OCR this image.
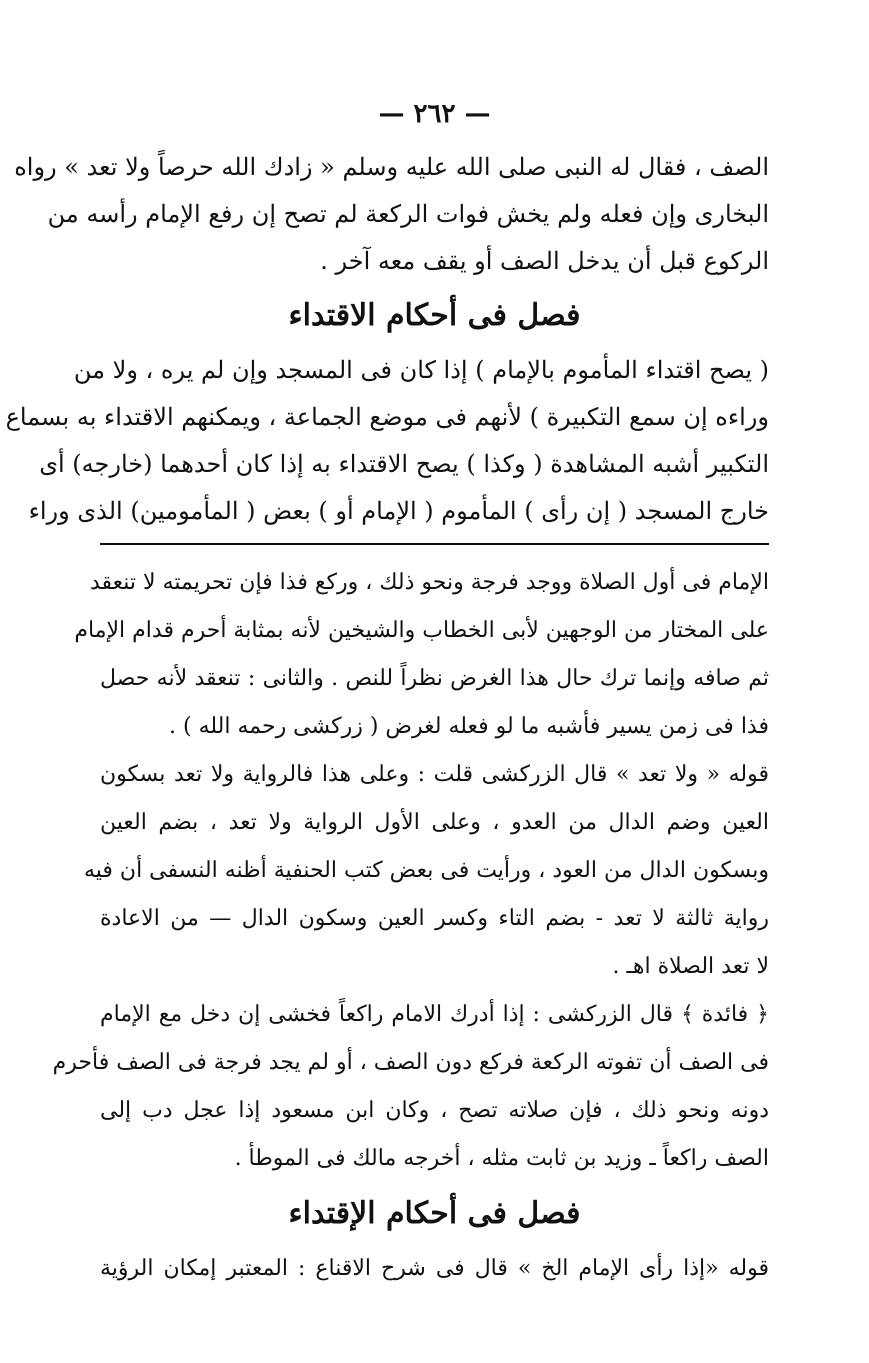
— ٢٦٢ —
الصف ، فقال له النبى صلى الله عليه وسلم « زادك الله حرصاً ولا تعد » رواه
البخارى وإن فعله ولم يخش فوات الركعة لم تصح إن رفع الإمام رأسه من
الركوع قبل أن يدخل الصف أو يقف معه آخر .
فصل فى أحكام الاقتداء
( يصح اقتداء المأموم بالإمام ) إذا كان فى المسجد وإن لم يره ، ولا من
وراءه إن سمع التكبيرة ) لأنهم فى موضع الجماعة ، ويمكنهم الاقتداء به بسماع
التكبير أشبه المشاهدة ( وكذا ) يصح الاقتداء به إذا كان أحدهما (خارجه) أى
خارج المسجد ( إن رأى ) المأموم ( الإمام أو ) بعض ( المأمومين) الذى وراء
الإمام فى أول الصلاة ووجد فرجة ونحو ذلك ، وركع فذا فإن تحريمته لا تنعقد
على المختار من الوجهين لأبى الخطاب والشيخين لأنه بمثابة أحرم قدام الإمام
ثم صافه وإنما ترك حال هذا الغرض نظراً للنص . والثانى : تنعقد لأنه حصل
فذا فى زمن يسير فأشبه ما لو فعله لغرض ( زركشى رحمه الله ) .
قوله « ولا تعد » قال الزركشى قلت : وعلى هذا فالرواية ولا تعد بسكون
العين وضم الدال من العدو ، وعلى الأول الرواية ولا تعد ، بضم العين
وبسكون الدال من العود ، ورأيت فى بعض كتب الحنفية أظنه النسفى أن فيه
رواية ثالثة لا تعد - بضم التاء وكسر العين وسكون الدال — من الاعادة
لا تعد الصلاة اهـ .
﴿ فائدة ﴾ قال الزركشى : إذا أدرك الامام راكعاً فخشى إن دخل مع الإمام
فى الصف أن تفوته الركعة فركع دون الصف ، أو لم يجد فرجة فى الصف فأحرم
دونه ونحو ذلك ، فإن صلاته تصح ، وكان ابن مسعود إذا عجل دب إلى
الصف راكعاً ـ وزيد بن ثابت مثله ، أخرجه مالك فى الموطأ .
فصل فى أحكام الإقتداء
قوله «إذا رأى الإمام الخ » قال فى شرح الاقناع : المعتبر إمكان الرؤية
